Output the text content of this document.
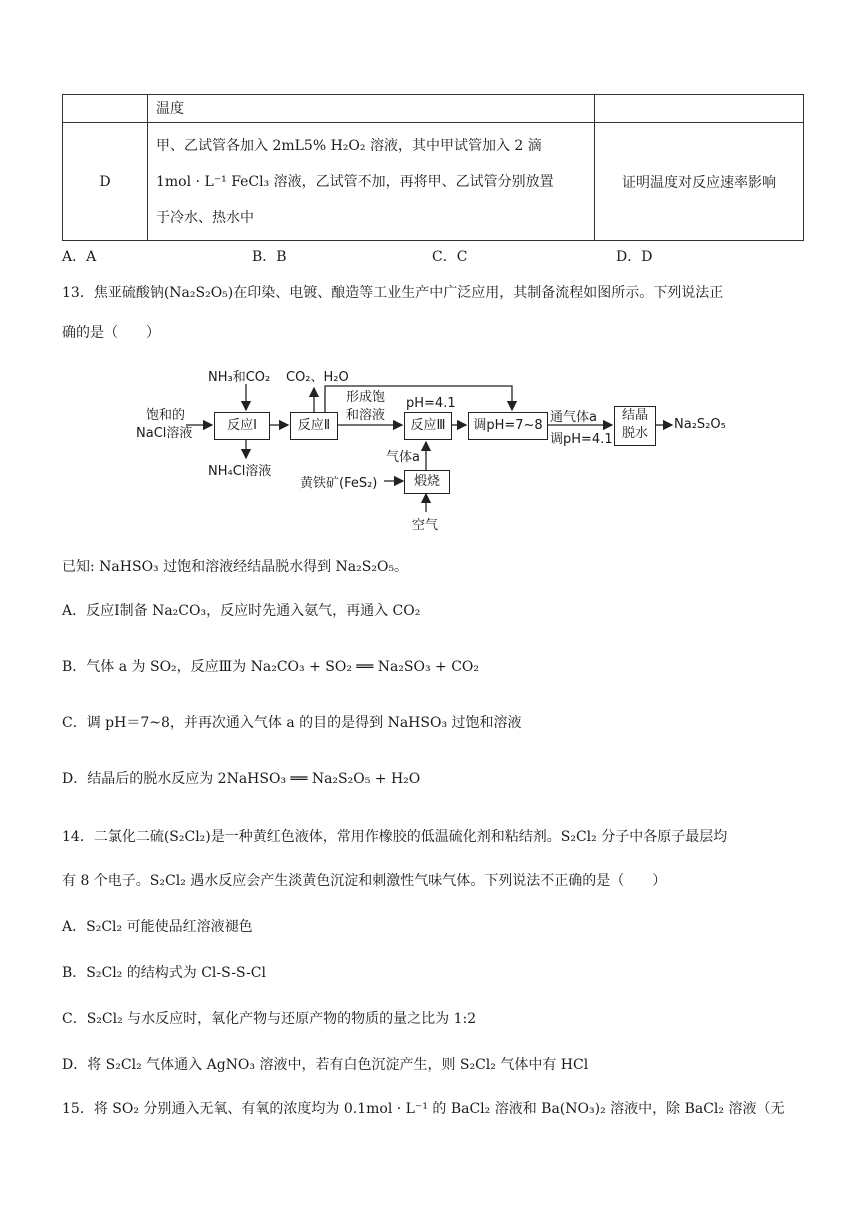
	温度	
D	甲、乙试管各加入 2mL5% H₂O₂ 溶液，其中甲试管加入 2 滴
1mol · L⁻¹ FeCl₃ 溶液，乙试管不加，再将甲、乙试管分别放置
于冷水、热水中	证明温度对反应速率影响
A．A	B．B	C．C	D．D
13．焦亚硫酸钠(Na₂S₂O₅)在印染、电镀、酿造等工业生产中广泛应用，其制备流程如图所示。下列说法正
确的是（　　）
饱和的
NaCl溶液
NH₃和CO₂
NH₄Cl溶液
CO₂、H₂O
形成饱
和溶液
pH=4.1
气体a
黄铁矿(FeS₂)
空气
通气体a
调pH=4.1
Na₂S₂O₅
反应Ⅰ	反应Ⅱ	反应Ⅲ	调pH=7~8
结晶
脱水
煅烧
已知: NaHSO₃ 过饱和溶液经结晶脱水得到 Na₂S₂O₅。
A．反应Ⅰ制备 Na₂CO₃，反应时先通入氨气，再通入 CO₂
B．气体 a 为 SO₂，反应Ⅲ为 Na₂CO₃ + SO₂ ══ Na₂SO₃ + CO₂
C．调 pH＝7~8，并再次通入气体 a 的目的是得到 NaHSO₃ 过饱和溶液
D．结晶后的脱水反应为 2NaHSO₃ ══ Na₂S₂O₅ + H₂O
14．二氯化二硫(S₂Cl₂)是一种黄红色液体，常用作橡胶的低温硫化剂和粘结剂。S₂Cl₂ 分子中各原子最层均
有 8 个电子。S₂Cl₂ 遇水反应会产生淡黄色沉淀和刺激性气味气体。下列说法不正确的是（　　）
A．S₂Cl₂ 可能使品红溶液褪色
B．S₂Cl₂ 的结构式为 Cl-S-S-Cl
C．S₂Cl₂ 与水反应时，氧化产物与还原产物的物质的量之比为 1:2
D．将 S₂Cl₂ 气体通入 AgNO₃ 溶液中，若有白色沉淀产生，则 S₂Cl₂ 气体中有 HCl
15．将 SO₂ 分别通入无氧、有氧的浓度均为 0.1mol · L⁻¹ 的 BaCl₂ 溶液和 Ba(NO₃)₂ 溶液中，除 BaCl₂ 溶液（无
